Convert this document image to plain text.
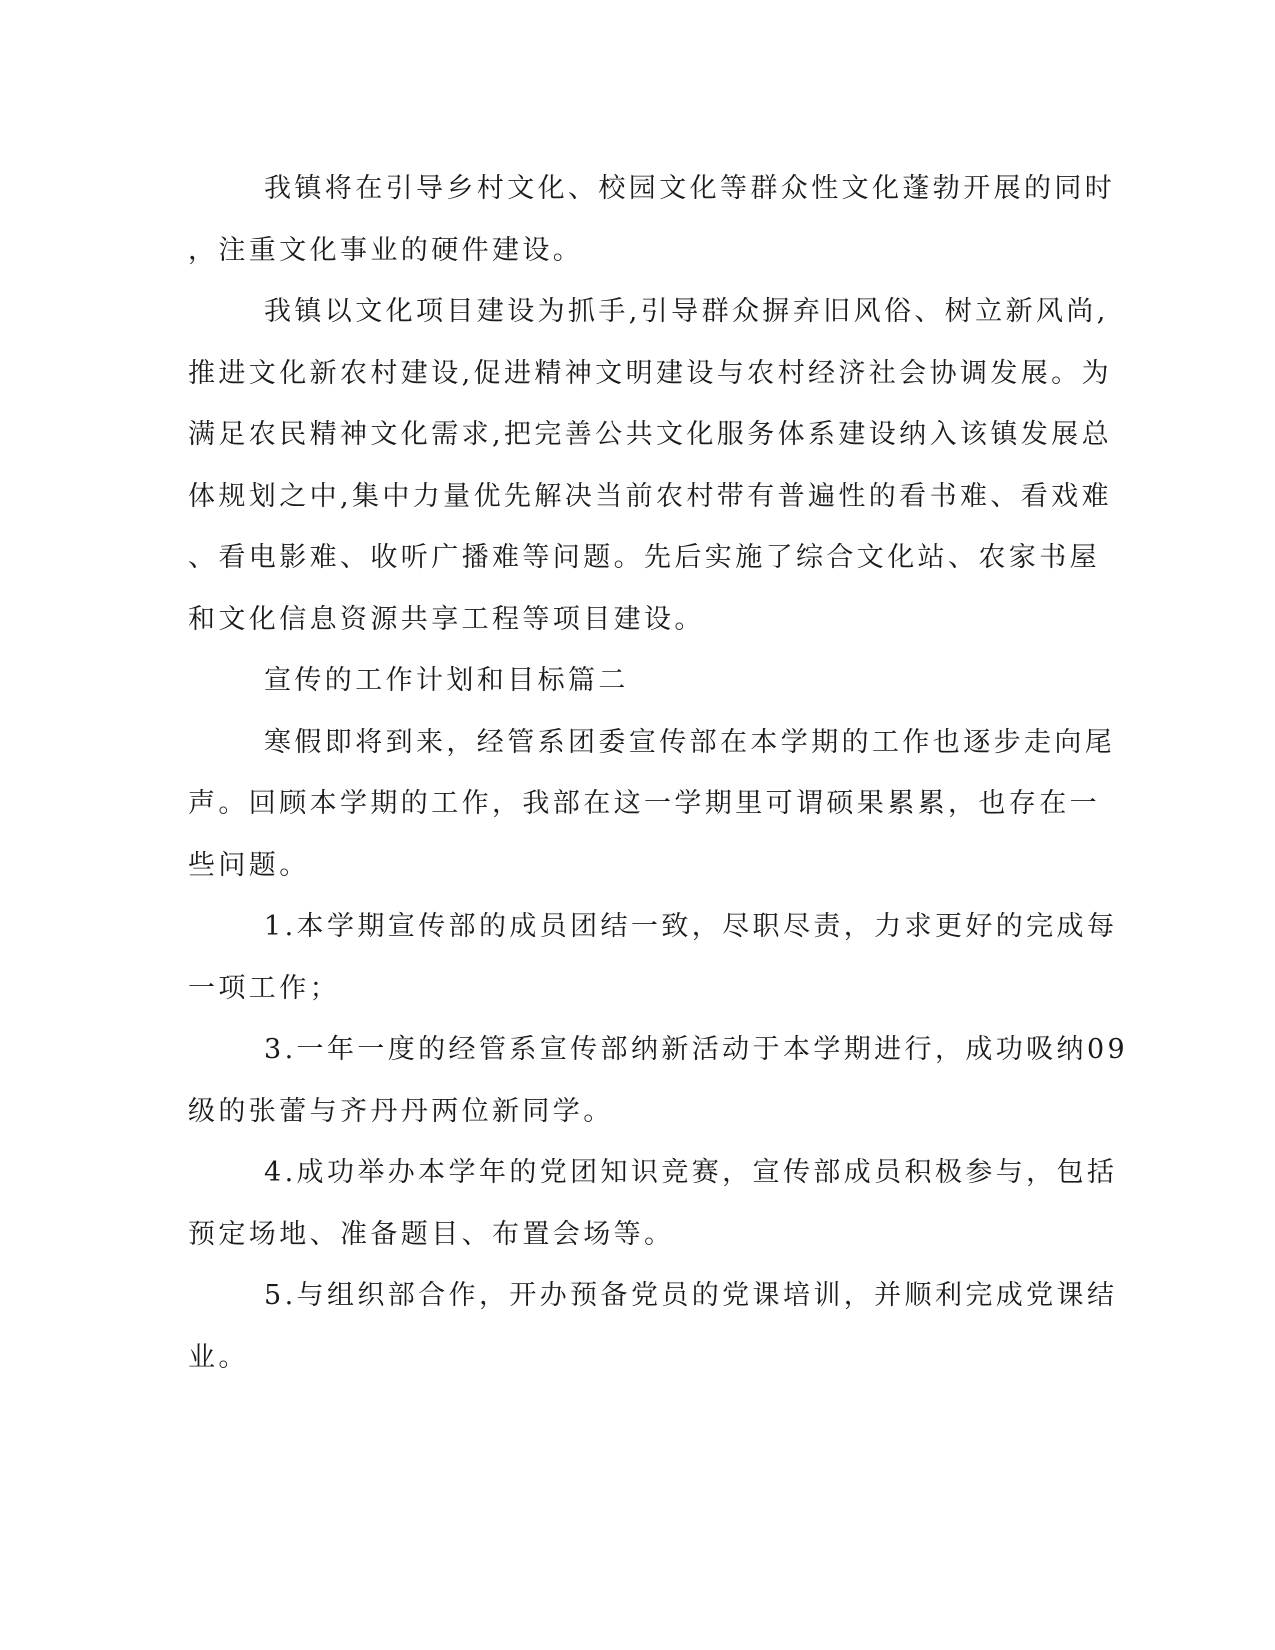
我镇将在引导乡村文化、校园文化等群众性文化蓬勃开展的同时
，注重文化事业的硬件建设。
我镇以文化项目建设为抓手,引导群众摒弃旧风俗、树立新风尚,
推进文化新农村建设,促进精神文明建设与农村经济社会协调发展。为
满足农民精神文化需求,把完善公共文化服务体系建设纳入该镇发展总
体规划之中,集中力量优先解决当前农村带有普遍性的看书难、看戏难
、看电影难、收听广播难等问题。先后实施了综合文化站、农家书屋
和文化信息资源共享工程等项目建设。
宣传的工作计划和目标篇二
寒假即将到来，经管系团委宣传部在本学期的工作也逐步走向尾
声。回顾本学期的工作，我部在这一学期里可谓硕果累累，也存在一
些问题。
1.本学期宣传部的成员团结一致，尽职尽责，力求更好的完成每
一项工作；
3.一年一度的经管系宣传部纳新活动于本学期进行，成功吸纳09
级的张蕾与齐丹丹两位新同学。
4.成功举办本学年的党团知识竞赛，宣传部成员积极参与，包括
预定场地、准备题目、布置会场等。
5.与组织部合作，开办预备党员的党课培训，并顺利完成党课结
业。
